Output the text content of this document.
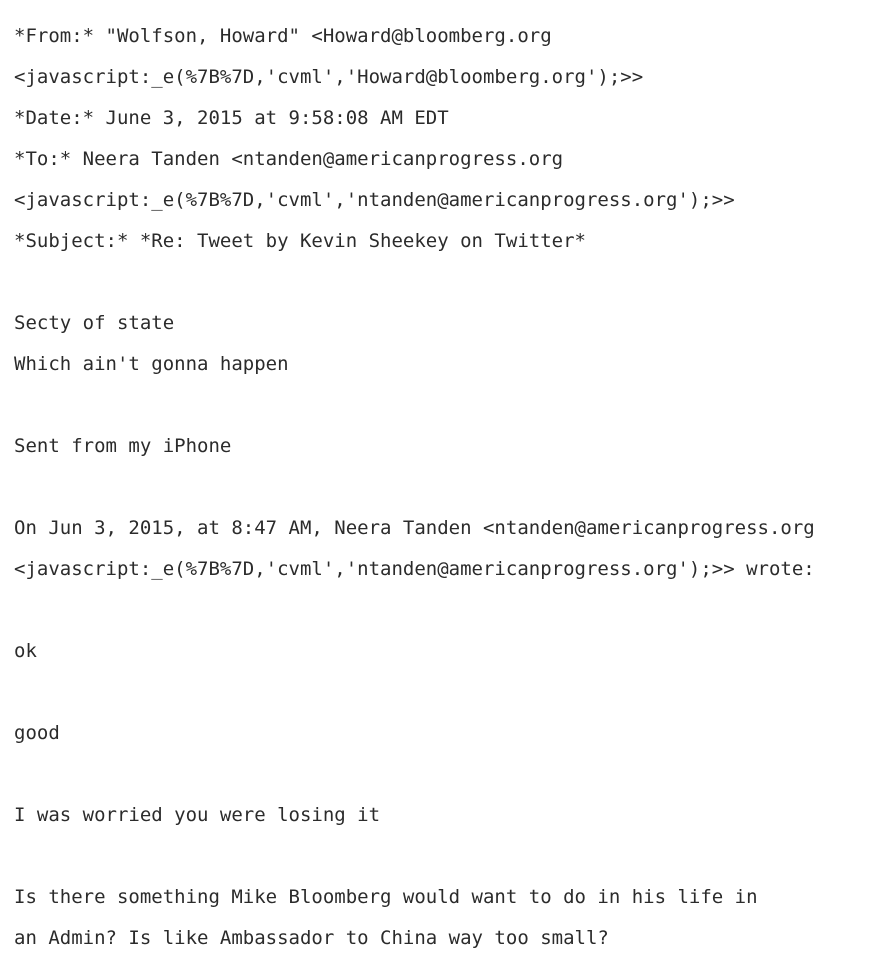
*From:* "Wolfson, Howard" <Howard@bloomberg.org
<javascript:_e(%7B%7D,'cvml','Howard@bloomberg.org');>>
*Date:* June 3, 2015 at 9:58:08 AM EDT
*To:* Neera Tanden <ntanden@americanprogress.org
<javascript:_e(%7B%7D,'cvml','ntanden@americanprogress.org');>>
*Subject:* *Re: Tweet by Kevin Sheekey on Twitter*
Secty of state
Which ain't gonna happen
Sent from my iPhone
On Jun 3, 2015, at 8:47 AM, Neera Tanden <ntanden@americanprogress.org
<javascript:_e(%7B%7D,'cvml','ntanden@americanprogress.org');>> wrote:
ok
good
I was worried you were losing it
Is there something Mike Bloomberg would want to do in his life in
an Admin? Is like Ambassador to China way too small?
